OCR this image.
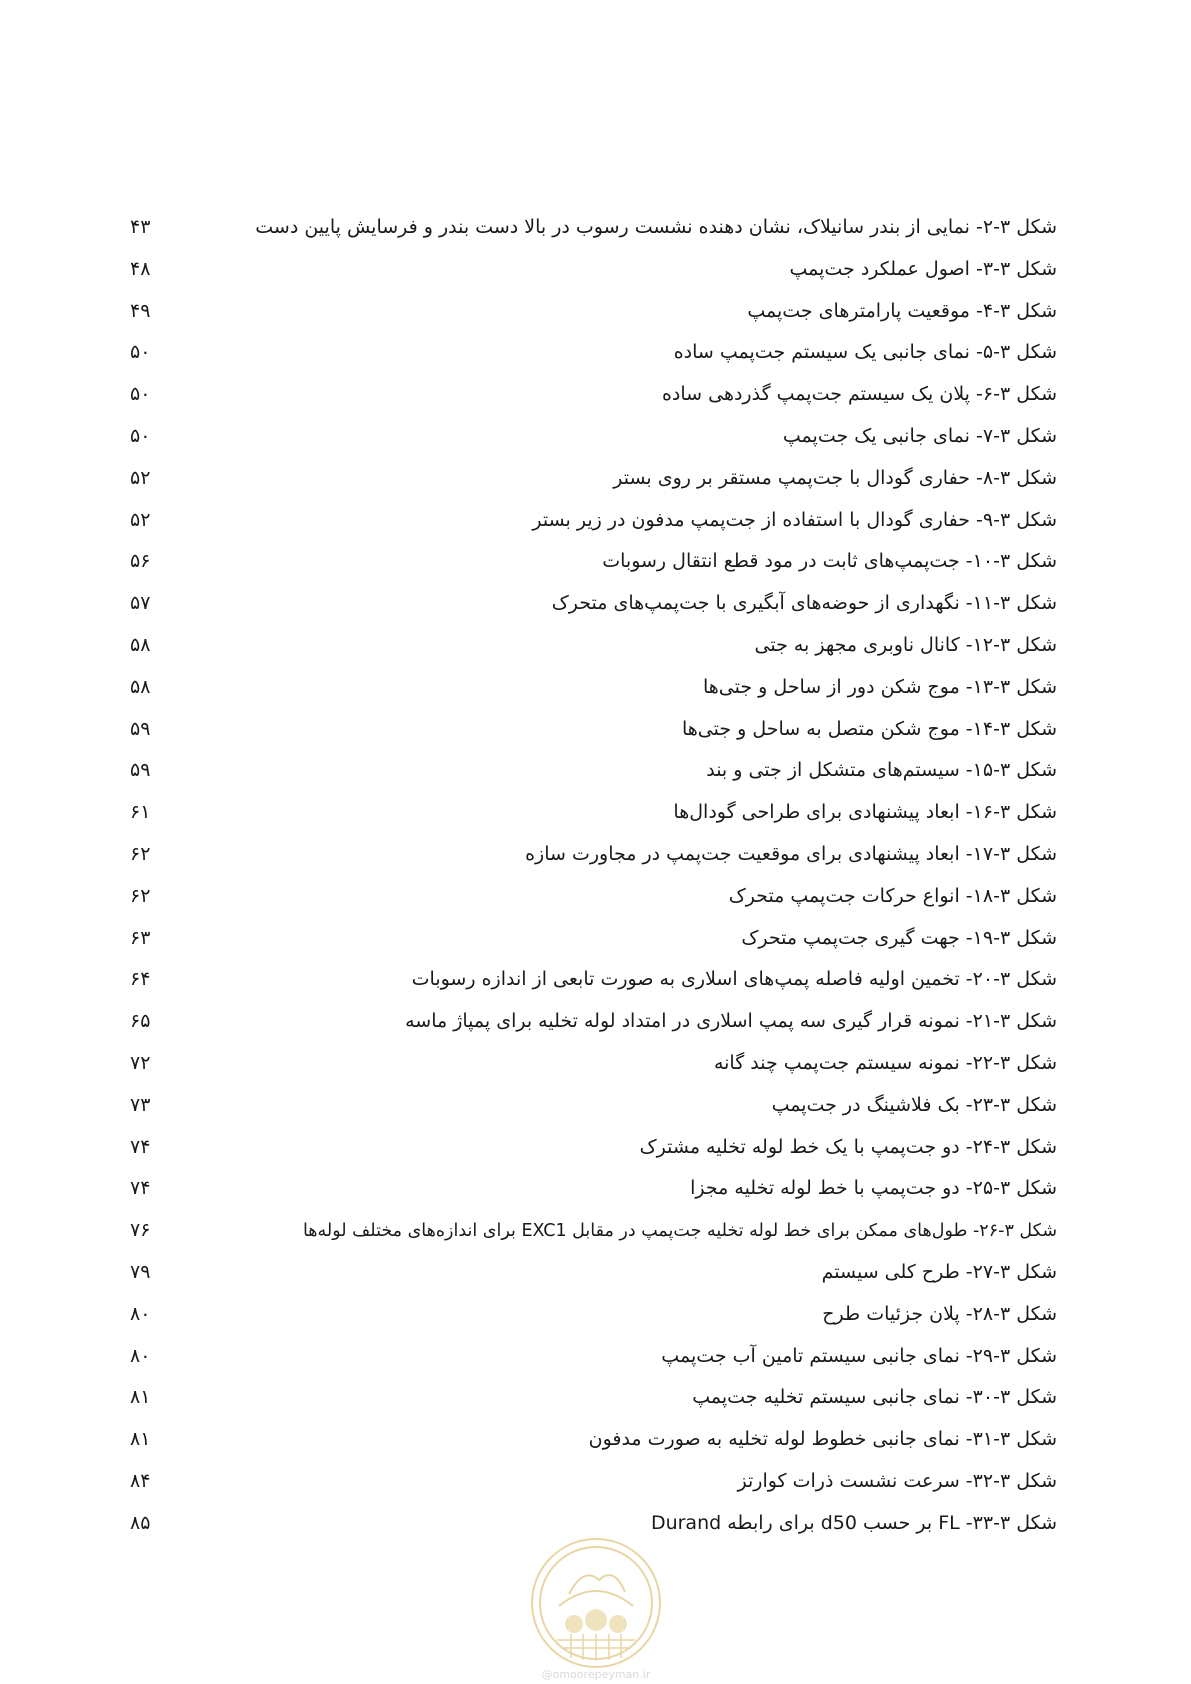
شکل ۳-۲- نمایی از بندر سانیلاک، نشان دهنده نشست رسوب در بالا دست بندر و فرسایش پایین دست
۴۳
شکل ۳-۳- اصول عملکرد جت‌پمپ
۴۸
شکل ۳-۴- موقعیت پارامترهای جت‌پمپ
۴۹
شکل ۳-۵- نمای جانبی یک سیستم جت‌پمپ ساده
۵۰
شکل ۳-۶- پلان یک سیستم جت‌پمپ گذردهی ساده
۵۰
شکل ۳-۷- نمای جانبی یک جت‌پمپ
۵۰
شکل ۳-۸- حفاری گودال با جت‌پمپ مستقر بر روی بستر
۵۲
شکل ۳-۹- حفاری گودال با استفاده از جت‌پمپ مدفون در زیر بستر
۵۲
شکل ۳-۱۰- جت‌پمپ‌های ثابت در مود قطع انتقال رسوبات
۵۶
شکل ۳-۱۱- نگهداری از حوضه‌های آبگیری با جت‌پمپ‌های متحرک
۵۷
شکل ۳-۱۲- کانال ناوبری مجهز به جتی
۵۸
شکل ۳-۱۳- موج شکن دور از ساحل و جتی‌ها
۵۸
شکل ۳-۱۴- موج شکن متصل به ساحل و جتی‌ها
۵۹
شکل ۳-۱۵- سیستم‌های متشکل از جتی و بند
۵۹
شکل ۳-۱۶- ابعاد پیشنهادی برای طراحی گودال‌ها
۶۱
شکل ۳-۱۷- ابعاد پیشنهادی برای موقعیت جت‌پمپ در مجاورت سازه
۶۲
شکل ۳-۱۸- انواع حرکات جت‌پمپ متحرک
۶۲
شکل ۳-۱۹- جهت گیری جت‌پمپ متحرک
۶۳
شکل ۳-۲۰- تخمین اولیه فاصله پمپ‌های اسلاری به صورت تابعی از اندازه رسوبات
۶۴
شکل ۳-۲۱- نمونه قرار گیری سه پمپ اسلاری در امتداد لوله تخلیه برای پمپاژ ماسه
۶۵
شکل ۳-۲۲- نمونه سیستم جت‌پمپ چند گانه
۷۲
شکل ۳-۲۳- بک فلاشینگ در جت‌پمپ
۷۳
شکل ۳-۲۴- دو جت‌پمپ با یک خط لوله تخلیه مشترک
۷۴
شکل ۳-۲۵- دو جت‌پمپ با خط لوله تخلیه مجزا
۷۴
شکل ۳-۲۶- طول‌های ممکن برای خط لوله تخلیه جت‌پمپ در مقابل EXC1 برای اندازه‌های مختلف لوله‌ها
۷۶
شکل ۳-۲۷- طرح کلی سیستم
۷۹
شکل ۳-۲۸- پلان جزئیات طرح
۸۰
شکل ۳-۲۹- نمای جانبی سیستم تامین آب جت‌پمپ
۸۰
شکل ۳-۳۰- نمای جانبی سیستم تخلیه جت‌پمپ
۸۱
شکل ۳-۳۱- نمای جانبی خطوط لوله تخلیه به صورت مدفون
۸۱
شکل ۳-۳۲- سرعت نشست ذرات کوارتز
۸۴
شکل ۳-۳۳- FL بر حسب d50 برای رابطه Durand
۸۵
@omoorepeyman.ir
